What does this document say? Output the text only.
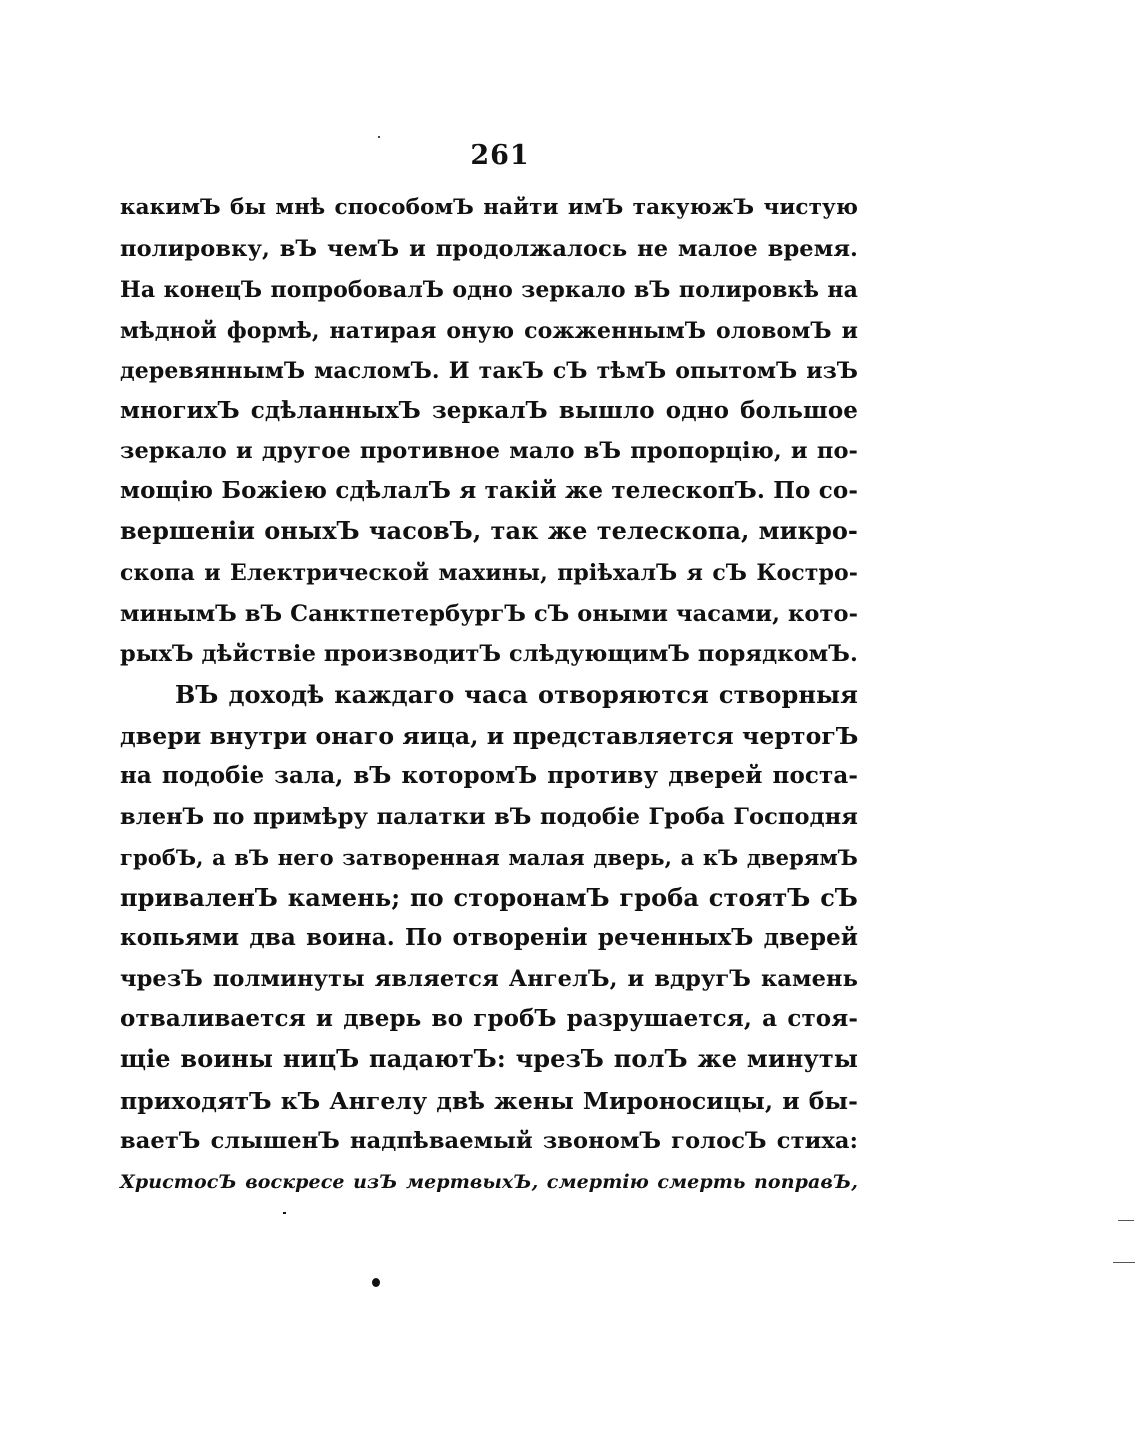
261
какимЪ бы мнѣ способомЪ найти имЪ такуюжЪ чистую
полировку, вЪ чемЪ и продолжалось не малое время.
На конецЪ попробовалЪ одно зеркало вЪ полировкѣ на
мѣдной формѣ, натирая оную сожженнымЪ оловомЪ и
деревяннымЪ масломЪ. И такЪ сЪ тѣмЪ опытомЪ изЪ
многихЪ сдѣланныхЪ зеркалЪ вышло одно большое
зеркало и другое противное мало вЪ пропорцію, и по-
мощію Божіею сдѣлалЪ я такій же телескопЪ. По со-
вершеніи оныхЪ часовЪ, так же телескопа, микро-
скопа и Електрической махины, пріѣхалЪ я сЪ Костро-
минымЪ вЪ СанктпетербургЪ сЪ оными часами, кото-
рыхЪ дѣйствіе производитЪ слѣдующимЪ порядкомЪ.
ВЪ доходѣ каждаго часа отворяются створныя
двери внутри онаго яица, и представляется чертогЪ
на подобіе зала, вЪ которомЪ противу дверей поста-
вленЪ по примѣру палатки вЪ подобіе Гроба Господня
гробЪ, а вЪ него затворенная малая дверь, а кЪ дверямЪ
приваленЪ камень; по сторонамЪ гроба стоятЪ сЪ
копьями два воина. По отвореніи реченныхЪ дверей
чрезЪ полминуты является АнгелЪ, и вдругЪ камень
отваливается и дверь во гробЪ разрушается, а стоя-
щіе воины ницЪ падаютЪ: чрезЪ полЪ же минуты
приходятЪ кЪ Ангелу двѣ жены Мироносицы, и бы-
ваетЪ слышенЪ надпѣваемый звономЪ голосЪ стиха:
ХристосЪ воскресе изЪ мертвыхЪ, смертію смерть поправЪ,
